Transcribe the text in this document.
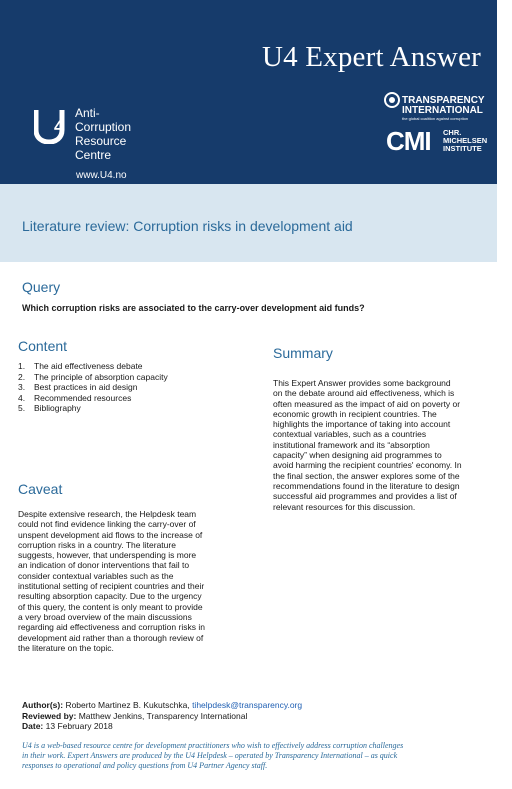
U4 Expert Answer
4
Anti-
Corruption
Resource
Centre
www.U4.no
TRANSPARENCY
INTERNATIONAL
the global coalition against corruption
CMI CHR.
MICHELSEN
INSTITUTE
Literature review: Corruption risks in development aid
Query
Which corruption risks are associated to the carry-over development aid funds?
Content
1.	The aid effectiveness debate
2.	The principle of absorption capacity
3.	Best practices in aid design
4.	Recommended resources
5.	Bibliography
Summary
This Expert Answer provides some background
on the debate around aid effectiveness, which is
often measured as the impact of aid on poverty or
economic growth in recipient countries. The
highlights the importance of taking into account
contextual variables, such as a countries
institutional framework and its “absorption
capacity” when designing aid programmes to
avoid harming the recipient countries' economy. In
the final section, the answer explores some of the
recommendations found in the literature to design
successful aid programmes and provides a list of
relevant resources for this discussion.
Caveat
Despite extensive research, the Helpdesk team
could not find evidence linking the carry-over of
unspent development aid flows to the increase of
corruption risks in a country. The literature
suggests, however, that underspending is more
an indication of donor interventions that fail to
consider contextual variables such as the
institutional setting of recipient countries and their
resulting absorption capacity. Due to the urgency
of this query, the content is only meant to provide
a very broad overview of the main discussions
regarding aid effectiveness and corruption risks in
development aid rather than a thorough review of
the literature on the topic.
Author(s): Roberto Martinez B. Kukutschka, tihelpdesk@transparency.org
Reviewed by: Matthew Jenkins, Transparency International
Date: 13 February 2018
U4 is a web-based resource centre for development practitioners who wish to effectively address corruption challenges
in their work. Expert Answers are produced by the U4 Helpdesk – operated by Transparency International – as quick
responses to operational and policy questions from U4 Partner Agency staff.
